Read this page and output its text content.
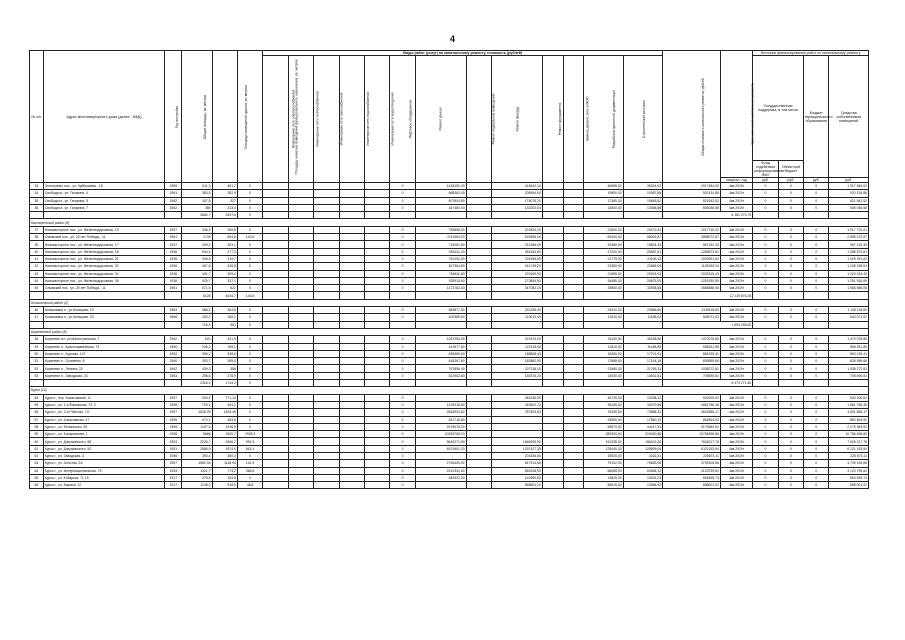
4
№ п/п	Адрес многоквартирного дома (далее - МКД)	Год постройки	Общая площадь, кв. метров	Площадь помещений здания, кв. метров	Площадь нежилых помещений функционального назначения, кв. метров	Виды работ (услуг) по капитальному ремонту, стоимость (рублей)													Общая стоимость капитального ремонта, рублей	Срок окончания капитального ремонта	Источник финансирования работ по капитальному ремонту			
						Инженерные сети электроснабжения	Инженерные сети теплоснабжения	Инженерные сети газоснабжения	Инженерные сети водоснабжения	Инженерные сети водоотведения	Лифтовое оборудование	Ремонт крыши	Ремонт подвальных помещений	Ремонт фасада	Ремонт фундамента	Замена дверей, окон в МОП	Разработка проектной документации	Строительный контроль			Государственная поддержка, в том числе		Бюджет муниципального образования	Средства собственников помещений
																					Фонд содействия реформированию ЖКХ	Областной бюджет		
																				квартал, год	руб.	руб.	руб.	руб.
33	Золотухино пос., ул. Куйбышева , 18	1955	611,3	481,2	0						0	1418152,40		418442,10			40685,00	35324,52	1917484,02	4кв.2019г	0	0	0	1 917 484,02
34	Свобода м., ул. Гагарина, 4	1961	383,5	282,9	0						0	668362,40		205594,60			19890,00	10087,86	920134,86	4кв.2019г	0	0	0	920 134,86
35	Свобода м., ул. Гагарина, 5	1962	347,8	327	0						0	607604,80		176078,20			17365,00	19648,52	821542,52	4кв.2019г	0	0	0	821 542,52
36	Свобода м., ул. Гагарина, 7	1962	355	313,4	0						0	447480,00		132202,00			12600,00	13468,58	605046,58	4кв.2019г	0	0	0	605 046,58
			3684,7	3357,6	0														5 181 273,79					
Касторенский район (8)																								
37	Новокасторное пос., ул. Железнодорожная, 19	1957	436,9	269,8	0						0	752808,00		222820,20			21600,00	20471,81	1017710,01	4кв.2019г	0	0	0	1 017 710,01
38	Олымский пос., ул. 20 лет Победы , 11	1961	1728	694,8	143,6						0	2111964,00		624596,00			60400,00	58302,87	2855072,87	4кв.2019г	0	0	0	2 855 072,87
39	Новокасторное пос., ул. Железнодорожная, 17	1937	409,2	303,1	0						0	715261,80		211566,40			20480,00	19824,33	967132,33	4кв.2019г	0	0	0	967 132,33
40	Новокасторное пос., ул. Железнодорожная, 18	1936	544,4	477,2	0						0	951511,20		281454,80			27220,00	25387,61	1285573,61	4кв.2019г	0	0	0	1 285 573,61
41	Новокасторное пос., ул. Железнодорожная, 21	1936	435,5	319,7	0						0	761254,00		225183,50			21775,00	21109,12	1029291,62	4кв.2019г	0	0	0	1 029 291,62
42	Новокасторное пос., ул. Железнодорожная, 32	1936	467,6	426,8	0						0	817364,80		241749,20			23380,00	22665,04	1105159,04	4кв.2019г	0	0	0	1 105 159,04
43	Новокасторное пос., ул. Железнодорожная, 34	1936	431,7	309,4	0						0	754611,60		223169,90			21585,00	20924,93	1020315,43	4кв.2019г	0	0	0	1 020 315,43
44	Новокасторное пос., ул. Железнодорожная, 36	1936	529,7	337,1	0						0	925915,60		273854,90			26485,00	25675,00	1251930,59	4кв.2019г	0	0	0	1 251 930,59
45	Олымский пос., ул. 20 лет Победы , 11	1961	671,5	622	0						0	1173782,40		347082,10			33560,00	32538,58	1586586,08	4кв.2019г	0	0	0	1 586 586,08
			6128	4044,7	143,6														12 119 876,28					
Конышевский район (2)																								
46	Конышевка п., ул.Кольцова, 10	1984	486,2	363,8	0						0	849877,60		251295,40			24310,00	23566,60	1149118,60	4кв.2019г	0	0	0	1 149 118,60
47	Конышевка п., ул.Кольцова, 20	1966	230,2	185,1	0						0	402389,60		119013,40			11510,00	11158,02	544071,02	4кв.2019г	0	0	0	544 071,02
			716,4	551	0														1 693 189,62					
Кореневский район (8)																								
48	Коренево пгт, ул.Магистральная, 7	1962	622	421,9	0						0	1087256,00		321574,00			31100,00	30148,80	1470078,80	4кв.2019г	0	0	0	1 470 078,80
49	Коренево п., Красноармейская, 73	1950	236,2	198,1	0						0	412877,60		122115,40			11810,00	11448,85	558251,85	4кв.2019г	0	0	0	558 251,85
50	Коренево п., Курская, 147	1952	365,2	338,6	0						0	638369,60		188808,40			18260,00	17701,41	863139,41	4кв.2019г	0	0	0	863 139,41
51	Коренево п., Осипенко, 8	1960	353,7	289,4	0						0	618267,60		182862,90			17685,00	17144,16	835959,66	4кв.2019г	0	0	0	835 959,66
52	Коренево п., Ленина, 22	1962	439,3	356	0						0	767896,40		227118,10			21965,00	21293,31	1038272,81	4кв.2019г	0	0	0	1 038 272,81
53	Коренево п., Заводская, 23	1953	298,6	278,9	0						0	521952,80		154376,20			14930,00	14531,81	705690,81	4кв.2019г	0	0	0	705 690,81
			2316,2	1744,2	0														5 474 271,80					
Курск (16)																								
54	Курск г., пер. Ачкасовский, 11	1957	934,5	771,14	0						0			483136,50			46725,00	10338,12	540200,62	4кв.2019г	0	0	0	540 200,62
55	Курск г., ул. 1-я Фатежская, 73, 2	1955	703,1	404,1	0						0	1229018,80		363502,70			35155,00	34079,86	1661756,46	4кв.2019г	0	0	0	1 661 756,46
56	Курск г., ул. 3-я Рабочая, 7 Б	1957	1528,09	1405,49	0						0	2663904,52		787903,53			76196,50	73858,32	3601856,17	4кв.2019г	0	0	0	3 601 856,17
57	Курск г., ул. Ачкасовская, 47	1959	470,1	363,8	0						0	821716,80					23505,00	17560,12	862804,92	4кв.2019г	0	0	0	862 804,92
58	Курск г., ул. Белинского, 25	1955	1197,4	1030,9	0						0	2075076,20					59870,00	44417,31	2179363,51	4кв.2019г	0	0	0	2 179 363,51
59	Курск г., ул. Бочарникова, 1	1958	5666	2600,7	2935,3						0	10253768,00					283300,00	219430,86	10756498,86	4кв.2019г	0	0	0	10 756 498,86
60	Курск г., ул. Дзержинского, 68	1953	3226,7	2666,2	591,5						0	5640271,60		1668209,90			161335,00	156401,26	7626217,76	4кв.2019г	0	0	0	7 626 217,76
61	Курск г., ул. Дзержинского, 92	1951	2586,9	1874,9	615,1						0	4521901,20		1337427,30			129445,00	125509,04	6121153,54	4кв.2019г	0	0	0	6 121 153,54
62	Курск г., ул. Заводская, 4	1956	390,4	360,4	0						0			201836,80			19520,00	4316,31	225673,11	4кв.2019г	0	0	0	225 673,11
63	Курск г., ул. Золотая, 2А	1957	1582,04	1118,94	142,9						0	2765405,92		817914,68			79102,00	76683,06	3739105,66	4кв.2019г	0	0	0	3 739 105,66
64	Курск г., ул. Интернациональная, 75	1953	1321,7	773,2	368,6						0	2310331,60		683318,90			66085,00	64064,12	3123799,62	4кв.2019г	0	0	0	3 123 799,62
65	Курск г., ул. К.Маркса, 71 15	1917	276,5	194,5	0						0	483322,00		142950,50			13825,00	13402,23	653499,73	4кв.2019г	0	0	0	653 499,73
66	Курск г., ул. Марата, 12	1917	1138,3	918,9	48,8						0			588501,10			56915,00	12584,92	658001,02	4кв.2019г	0	0	0	658 001,02
